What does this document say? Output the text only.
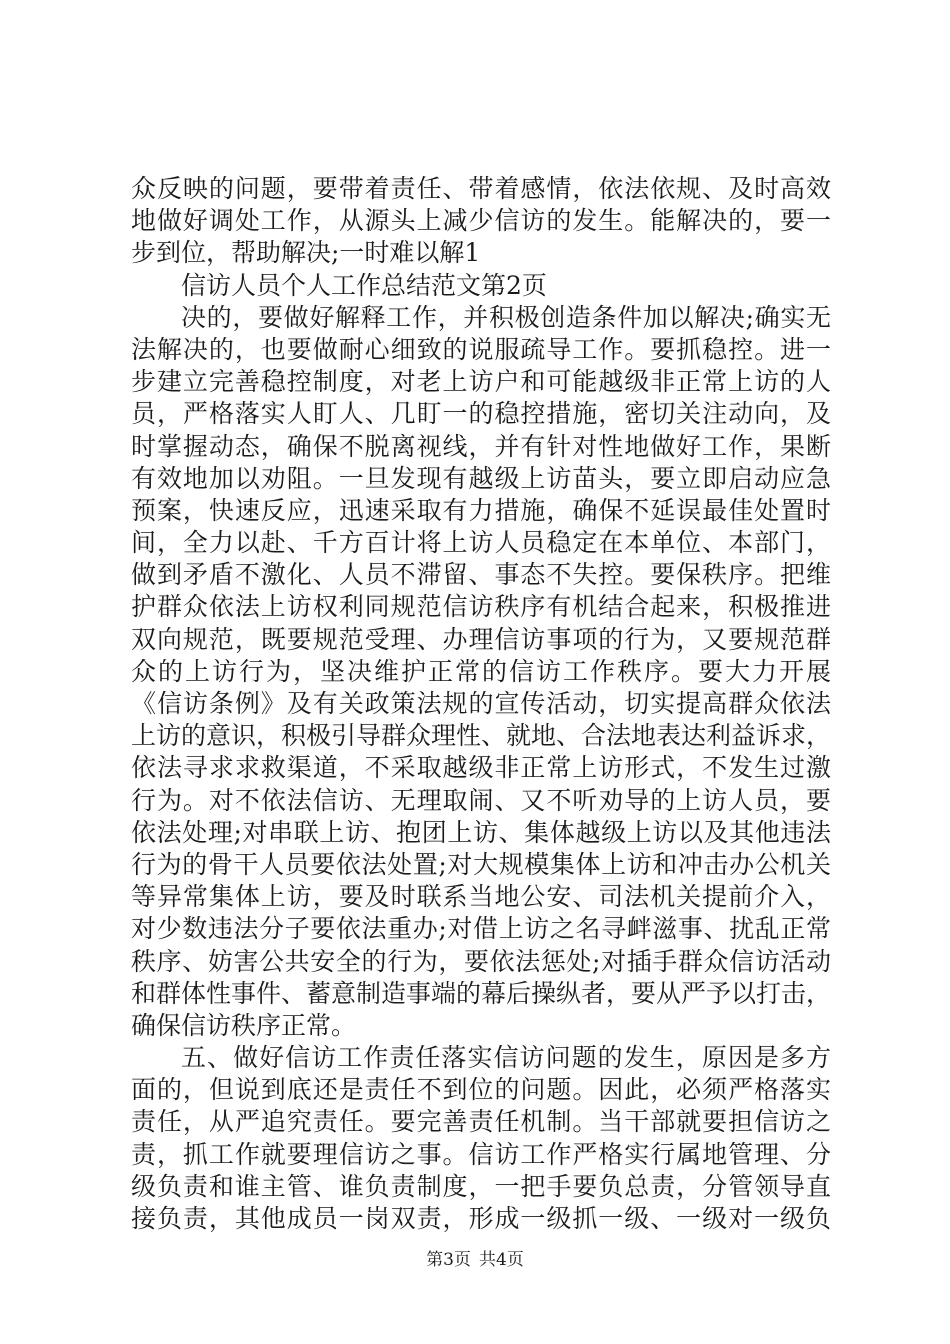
众反映的问题，要带着责任、带着感情，依法依规、及时高效
地做好调处工作，从源头上减少信访的发生。能解决的，要一
步到位，帮助解决;一时难以解1
信访人员个人工作总结范文第2页
决的，要做好解释工作，并积极创造条件加以解决;确实无
法解决的，也要做耐心细致的说服疏导工作。要抓稳控。进一
步建立完善稳控制度，对老上访户和可能越级非正常上访的人
员，严格落实人盯人、几盯一的稳控措施，密切关注动向，及
时掌握动态，确保不脱离视线，并有针对性地做好工作，果断
有效地加以劝阻。一旦发现有越级上访苗头，要立即启动应急
预案，快速反应，迅速采取有力措施，确保不延误最佳处置时
间，全力以赴、千方百计将上访人员稳定在本单位、本部门，
做到矛盾不激化、人员不滞留、事态不失控。要保秩序。把维
护群众依法上访权利同规范信访秩序有机结合起来，积极推进
双向规范，既要规范受理、办理信访事项的行为，又要规范群
众的上访行为，坚决维护正常的信访工作秩序。要大力开展
《信访条例》及有关政策法规的宣传活动，切实提高群众依法
上访的意识，积极引导群众理性、就地、合法地表达利益诉求，
依法寻求求救渠道，不采取越级非正常上访形式，不发生过激
行为。对不依法信访、无理取闹、又不听劝导的上访人员，要
依法处理;对串联上访、抱团上访、集体越级上访以及其他违法
行为的骨干人员要依法处置;对大规模集体上访和冲击办公机关
等异常集体上访，要及时联系当地公安、司法机关提前介入，
对少数违法分子要依法重办;对借上访之名寻衅滋事、扰乱正常
秩序、妨害公共安全的行为，要依法惩处;对插手群众信访活动
和群体性事件、蓄意制造事端的幕后操纵者，要从严予以打击，
确保信访秩序正常。
五、做好信访工作责任落实信访问题的发生，原因是多方
面的，但说到底还是责任不到位的问题。因此，必须严格落实
责任，从严追究责任。要完善责任机制。当干部就要担信访之
责，抓工作就要理信访之事。信访工作严格实行属地管理、分
级负责和谁主管、谁负责制度，一把手要负总责，分管领导直
接负责，其他成员一岗双责，形成一级抓一级、一级对一级负
第3页 共4页
